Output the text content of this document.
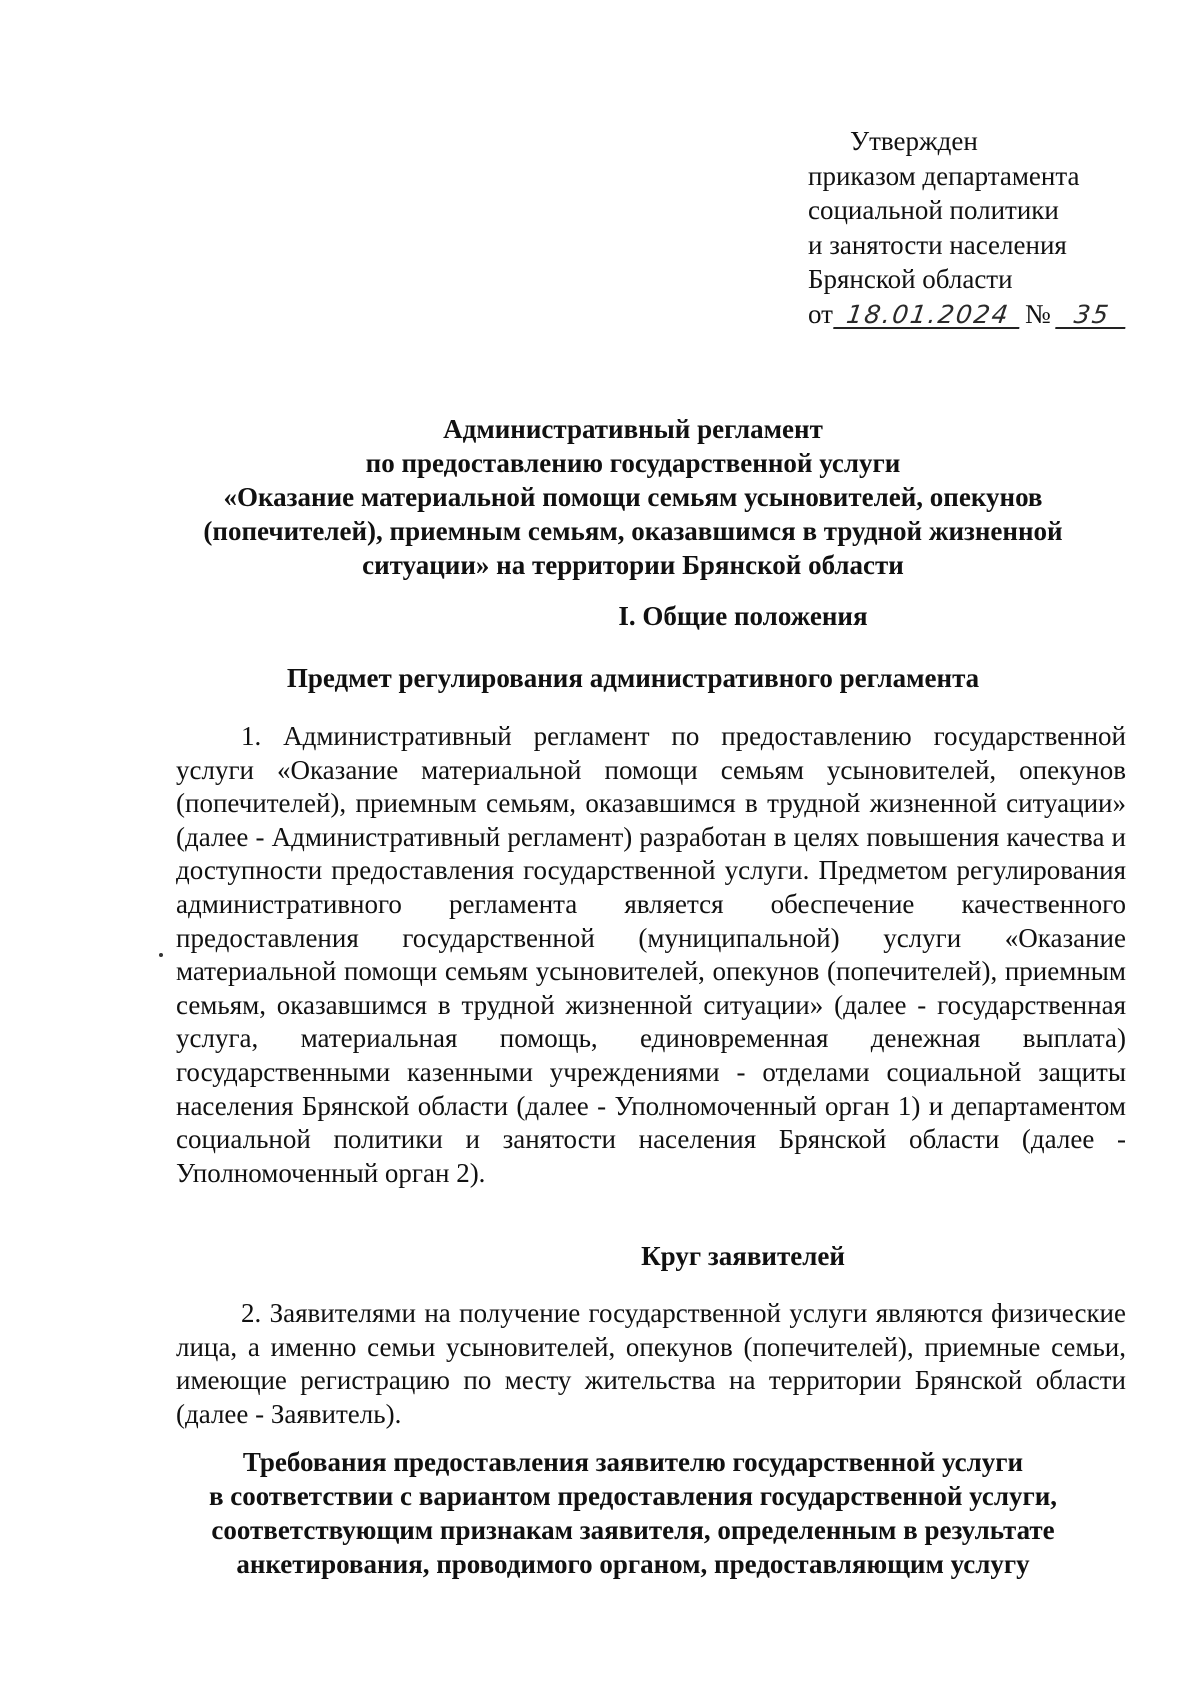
Утвержден
приказом департамента
социальной политики
и занятости населения
Брянской области
от 18.01.2024 № 35
Административный регламент
по предоставлению государственной услуги
«Оказание материальной помощи семьям усыновителей, опекунов
(попечителей), приемным семьям, оказавшимся в трудной жизненной
ситуации» на территории Брянской области
I. Общие положения
Предмет регулирования административного регламента

1. Административный регламент по предоставлению государственной услуги «Оказание материальной помощи семьям усыновителей, опекунов (попечителей), приемным семьям, оказавшимся в трудной жизненной ситуации» (далее - Административный регламент) разработан в целях повышения качества и доступности предоставления государственной услуги. Предметом регулирования административного регламента является обеспечение качественного предоставления государственной (муниципальной) услуги «Оказание материальной помощи семьям усыновителей, опекунов (попечителей), приемным семьям, оказавшимся в трудной жизненной ситуации» (далее - государственная услуга, материальная помощь, единовременная денежная выплата) государственными казенными учреждениями - отделами социальной защиты населения Брянской области (далее - Уполномоченный орган 1) и департаментом социальной политики и занятости населения Брянской области (далее - Уполномоченный орган 2).

Круг заявителей

2. Заявителями на получение государственной услуги являются физические лица, а именно семьи усыновителей, опекунов (попечителей), приемные семьи, имеющие регистрацию по месту жительства на территории Брянской области (далее - Заявитель).

Требования предоставления заявителю государственной услуги
в соответствии с вариантом предоставления государственной услуги,
соответствующим признакам заявителя, определенным в результате
анкетирования, проводимого органом, предоставляющим услугу
